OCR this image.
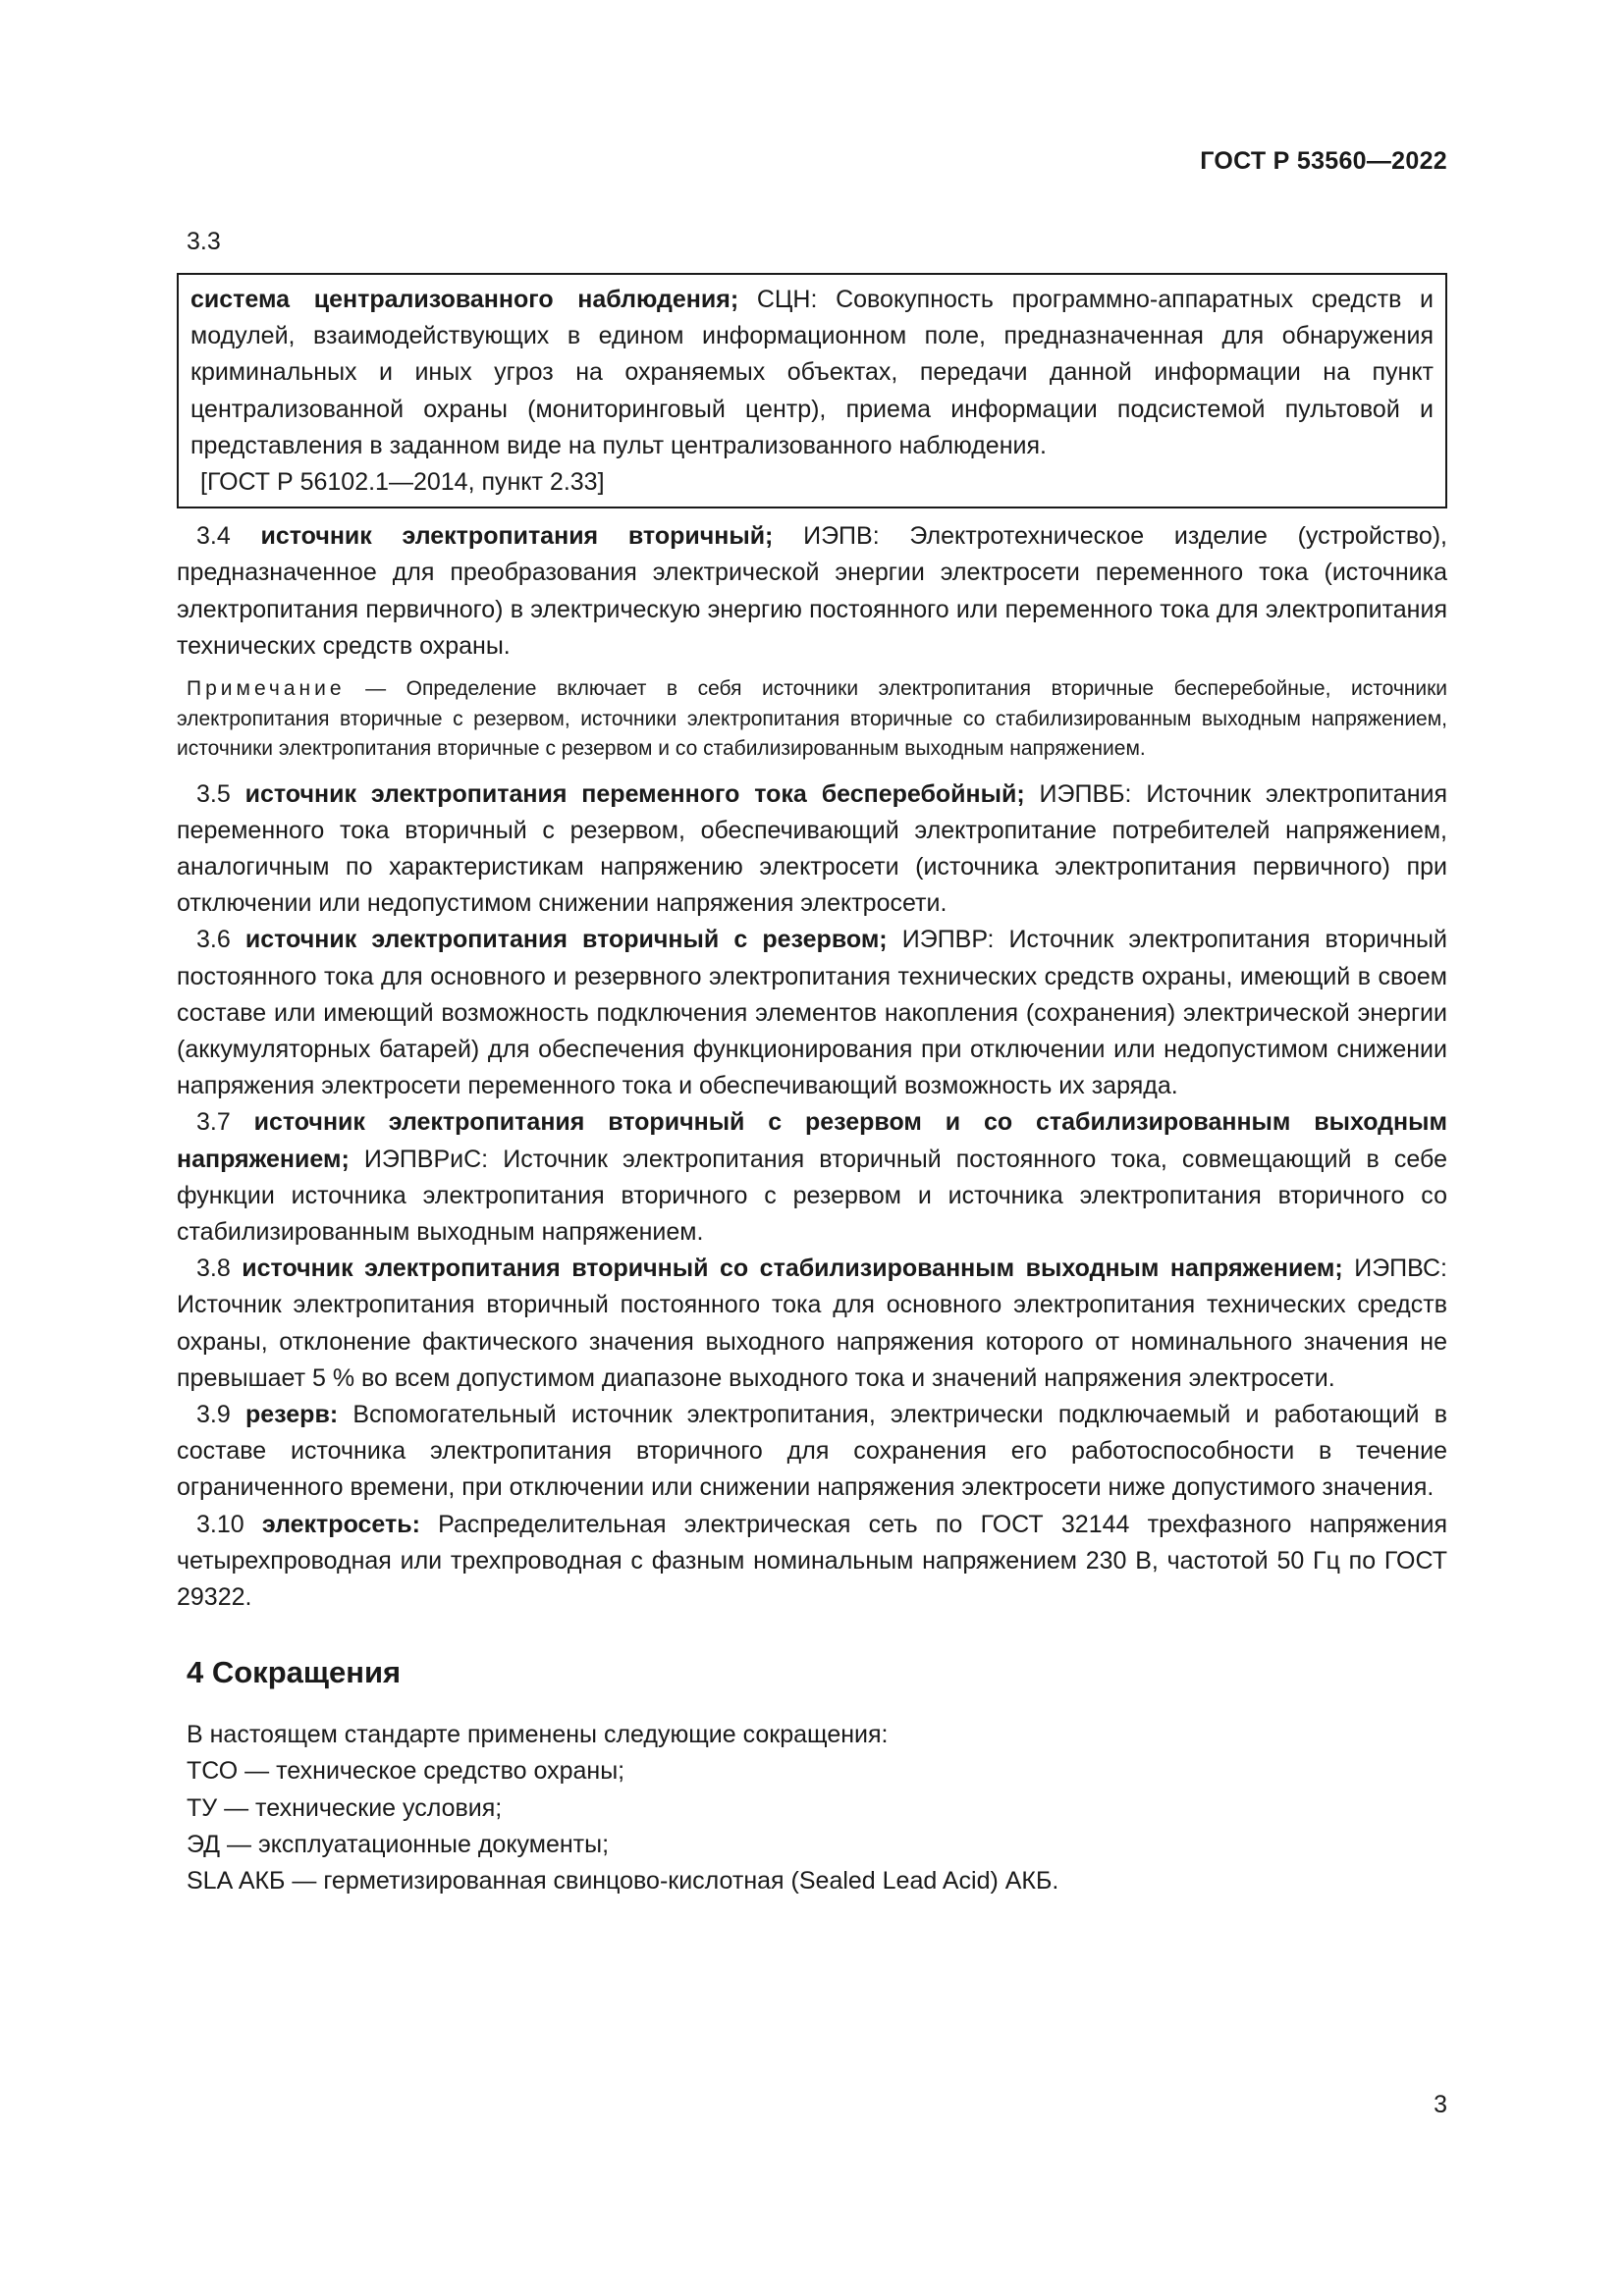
ГОСТ Р 53560—2022
3.3

система централизованного наблюдения; СЦН: Совокупность программно-аппаратных средств и модулей, взаимодействующих в едином информационном поле, предназначенная для обнаружения криминальных и иных угроз на охраняемых объектах, передачи данной информации на пункт централизованной охраны (мониторинговый центр), приема информации подсистемой пультовой и представления в заданном виде на пульт централизованного наблюдения.

[ГОСТ Р 56102.1—2014, пункт 2.33]

3.4 источник электропитания вторичный; ИЭПВ: Электротехническое изделие (устройство), предназначенное для преобразования электрической энергии электросети переменного тока (источника электропитания первичного) в электрическую энергию постоянного или переменного тока для электропитания технических средств охраны.

Примечание — Определение включает в себя источники электропитания вторичные бесперебойные, источники электропитания вторичные с резервом, источники электропитания вторичные со стабилизированным выходным напряжением, источники электропитания вторичные с резервом и со стабилизированным выходным напряжением.

3.5 источник электропитания переменного тока бесперебойный; ИЭПВБ: Источник электропитания переменного тока вторичный с резервом, обеспечивающий электропитание потребителей напряжением, аналогичным по характеристикам напряжению электросети (источника электропитания первичного) при отключении или недопустимом снижении напряжения электросети.

3.6 источник электропитания вторичный с резервом; ИЭПВР: Источник электропитания вторичный постоянного тока для основного и резервного электропитания технических средств охраны, имеющий в своем составе или имеющий возможность подключения элементов накопления (сохранения) электрической энергии (аккумуляторных батарей) для обеспечения функционирования при отключении или недопустимом снижении напряжения электросети переменного тока и обеспечивающий возможность их заряда.

3.7 источник электропитания вторичный с резервом и со стабилизированным выходным напряжением; ИЭПВРиС: Источник электропитания вторичный постоянного тока, совмещающий в себе функции источника электропитания вторичного с резервом и источника электропитания вторичного со стабилизированным выходным напряжением.

3.8 источник электропитания вторичный со стабилизированным выходным напряжением; ИЭПВС: Источник электропитания вторичный постоянного тока для основного электропитания технических средств охраны, отклонение фактического значения выходного напряжения которого от номинального значения не превышает 5 % во всем допустимом диапазоне выходного тока и значений напряжения электросети.

3.9 резерв: Вспомогательный источник электропитания, электрически подключаемый и работающий в составе источника электропитания вторичного для сохранения его работоспособности в течение ограниченного времени, при отключении или снижении напряжения электросети ниже допустимого значения.

3.10 электросеть: Распределительная электрическая сеть по ГОСТ 32144 трехфазного напряжения четырехпроводная или трехпроводная с фазным номинальным напряжением 230 В, частотой 50 Гц по ГОСТ 29322.

4 Сокращения

В настоящем стандарте применены следующие сокращения:

ТСО — техническое средство охраны;

ТУ — технические условия;

ЭД — эксплуатационные документы;

SLA АКБ — герметизированная свинцово-кислотная (Sealed Lead Acid) АКБ.

3
